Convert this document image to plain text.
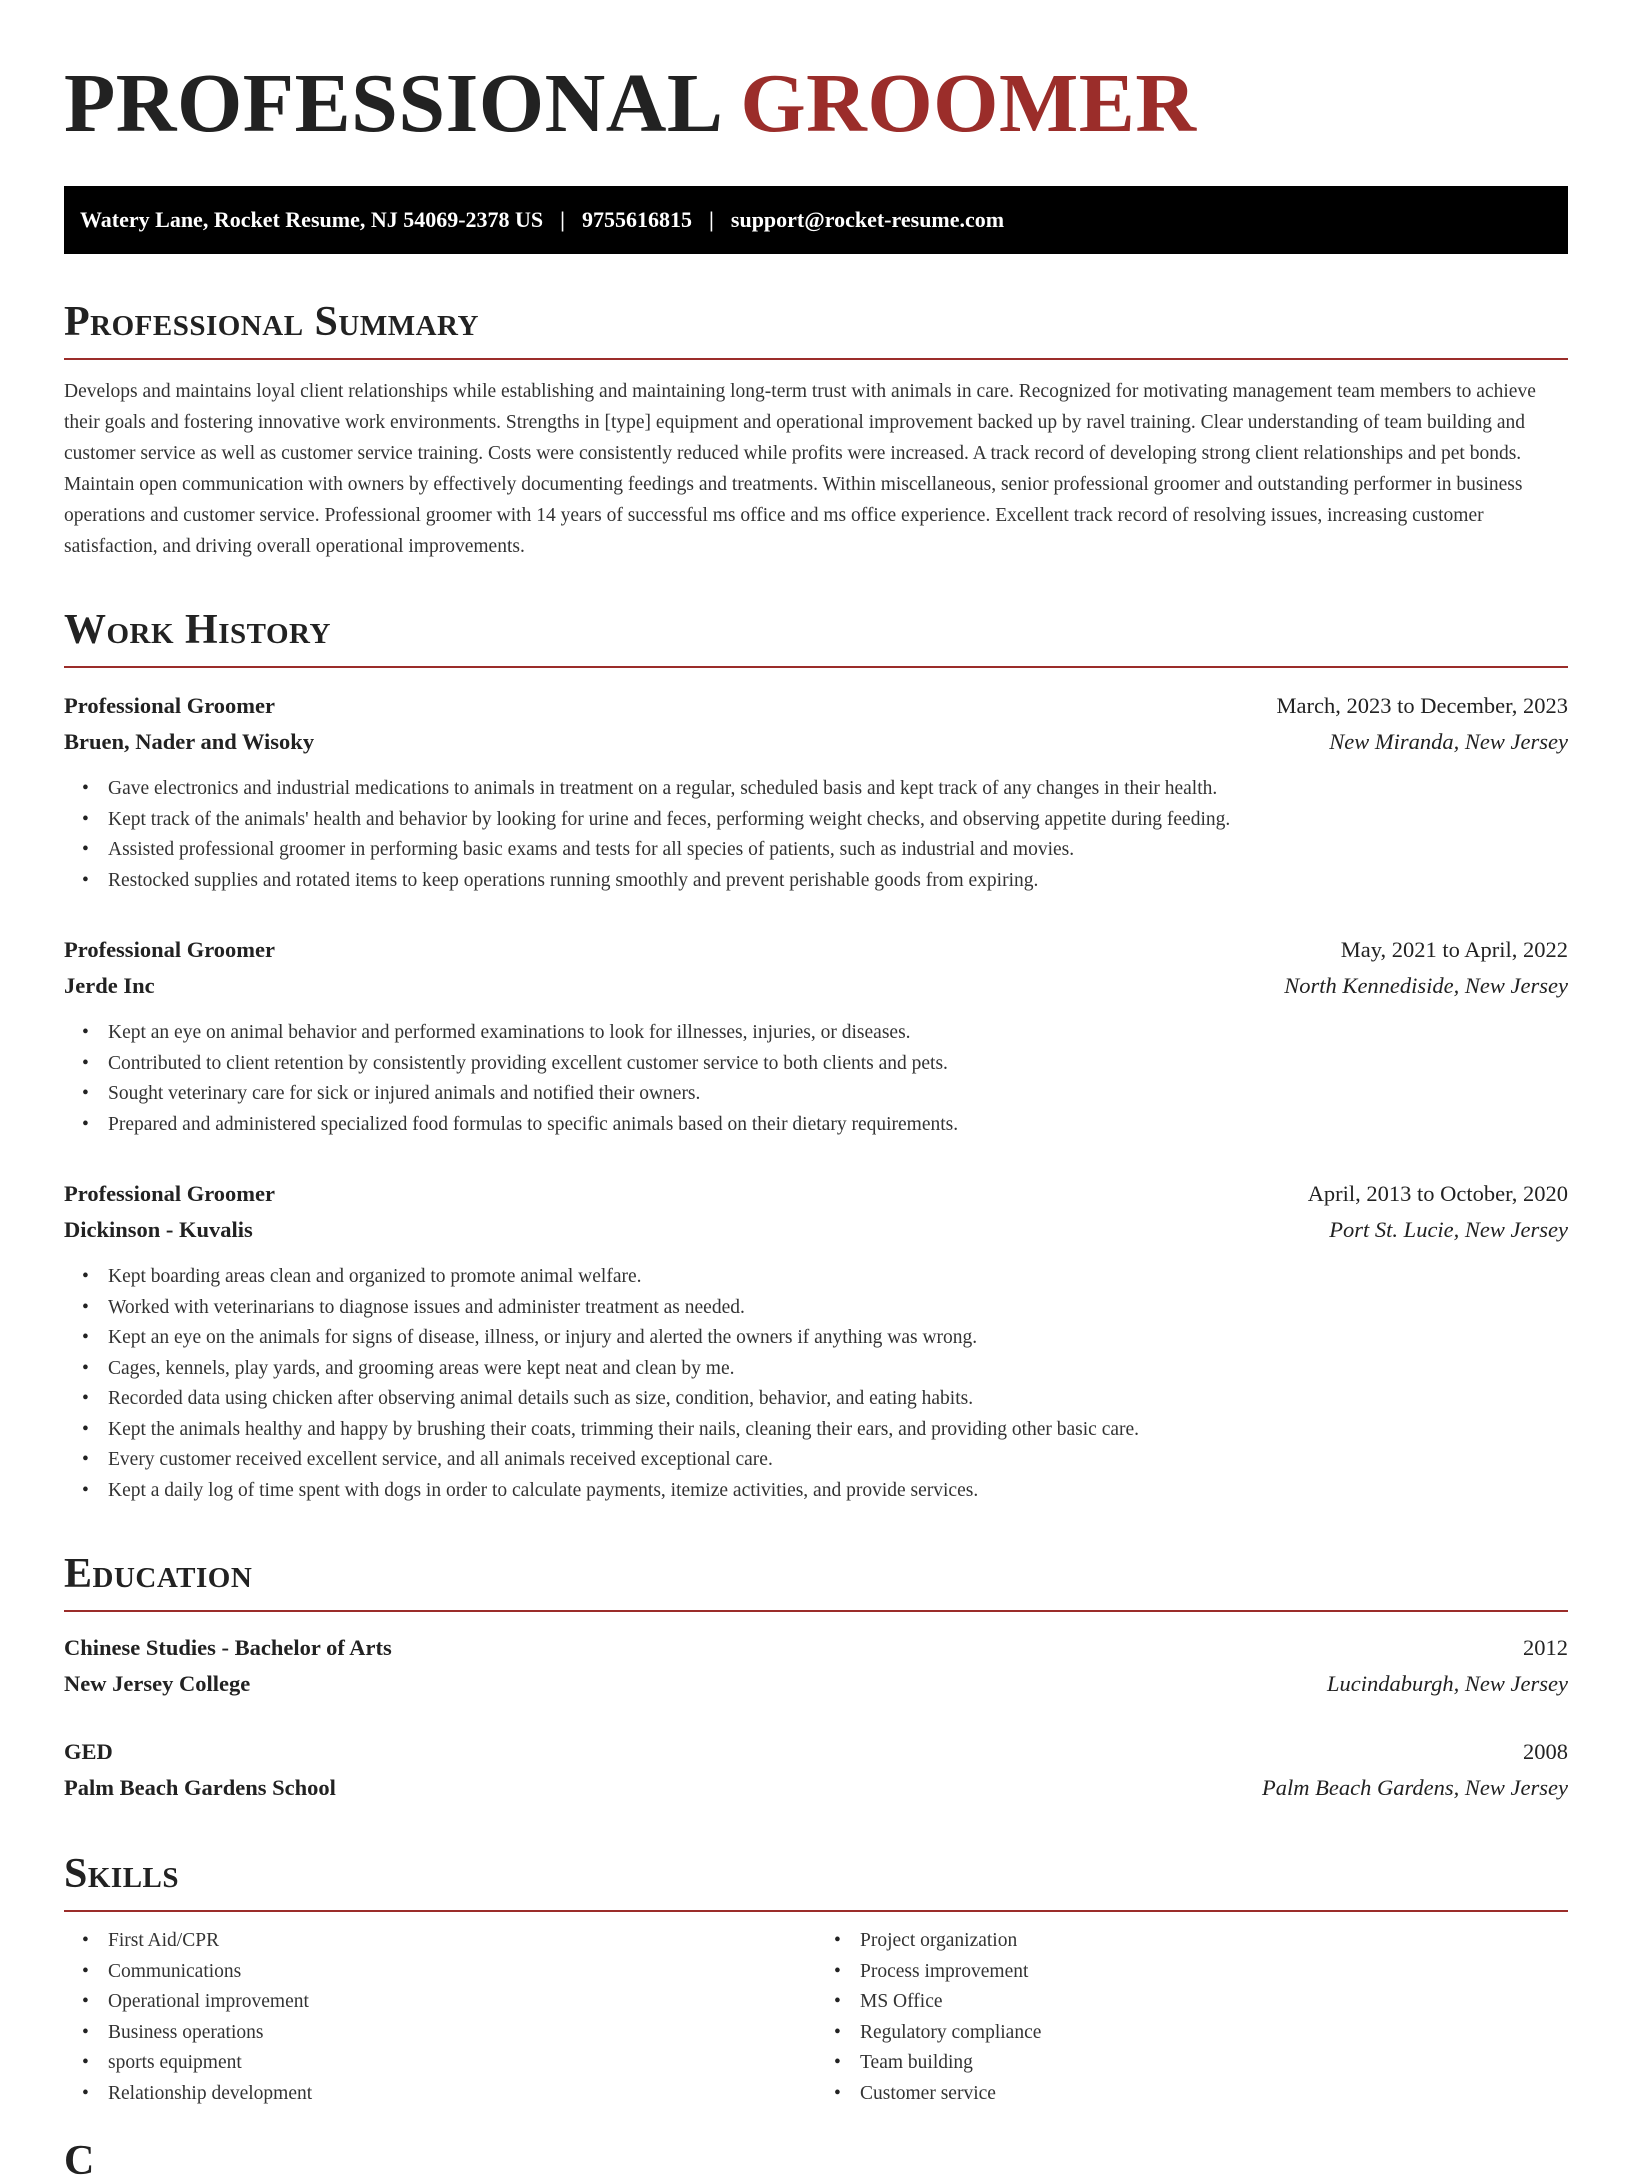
PROFESSIONAL GROOMER
Watery Lane, Rocket Resume, NJ 54069-2378 US | 9755616815 | support@rocket-resume.com
Professional Summary

Develops and maintains loyal client relationships while establishing and maintaining long-term trust with animals in care. Recognized for motivating management team members to achieve their goals and fostering innovative work environments. Strengths in [type] equipment and operational improvement backed up by ravel training. Clear understanding of team building and customer service as well as customer service training. Costs were consistently reduced while profits were increased. A track record of developing strong client relationships and pet bonds. Maintain open communication with owners by effectively documenting feedings and treatments. Within miscellaneous, senior professional groomer and outstanding performer in business operations and customer service. Professional groomer with 14 years of successful ms office and ms office experience. Excellent track record of resolving issues, increasing customer satisfaction, and driving overall operational improvements.

Work History
Professional Groomer	March, 2023 to December, 2023
Bruen, Nader and Wisoky	New Miranda, New Jersey
• Gave electronics and industrial medications to animals in treatment on a regular, scheduled basis and kept track of any changes in their health.
• Kept track of the animals' health and behavior by looking for urine and feces, performing weight checks, and observing appetite during feeding.
• Assisted professional groomer in performing basic exams and tests for all species of patients, such as industrial and movies.
• Restocked supplies and rotated items to keep operations running smoothly and prevent perishable goods from expiring.
Professional Groomer	May, 2021 to April, 2022
Jerde Inc	North Kennediside, New Jersey
• Kept an eye on animal behavior and performed examinations to look for illnesses, injuries, or diseases.
• Contributed to client retention by consistently providing excellent customer service to both clients and pets.
• Sought veterinary care for sick or injured animals and notified their owners.
• Prepared and administered specialized food formulas to specific animals based on their dietary requirements.
Professional Groomer	April, 2013 to October, 2020
Dickinson - Kuvalis	Port St. Lucie, New Jersey
• Kept boarding areas clean and organized to promote animal welfare.
• Worked with veterinarians to diagnose issues and administer treatment as needed.
• Kept an eye on the animals for signs of disease, illness, or injury and alerted the owners if anything was wrong.
• Cages, kennels, play yards, and grooming areas were kept neat and clean by me.
• Recorded data using chicken after observing animal details such as size, condition, behavior, and eating habits.
• Kept the animals healthy and happy by brushing their coats, trimming their nails, cleaning their ears, and providing other basic care.
• Every customer received excellent service, and all animals received exceptional care.
• Kept a daily log of time spent with dogs in order to calculate payments, itemize activities, and provide services.
Education
Chinese Studies - Bachelor of Arts	2012
New Jersey College	Lucindaburgh, New Jersey
GED	2008
Palm Beach Gardens School	Palm Beach Gardens, New Jersey
Skills
• First Aid/CPR
• Communications
• Operational improvement
• Business operations
• sports equipment
• Relationship development
• Project organization
• Process improvement
• MS Office
• Regulatory compliance
• Team building
• Customer service
C
